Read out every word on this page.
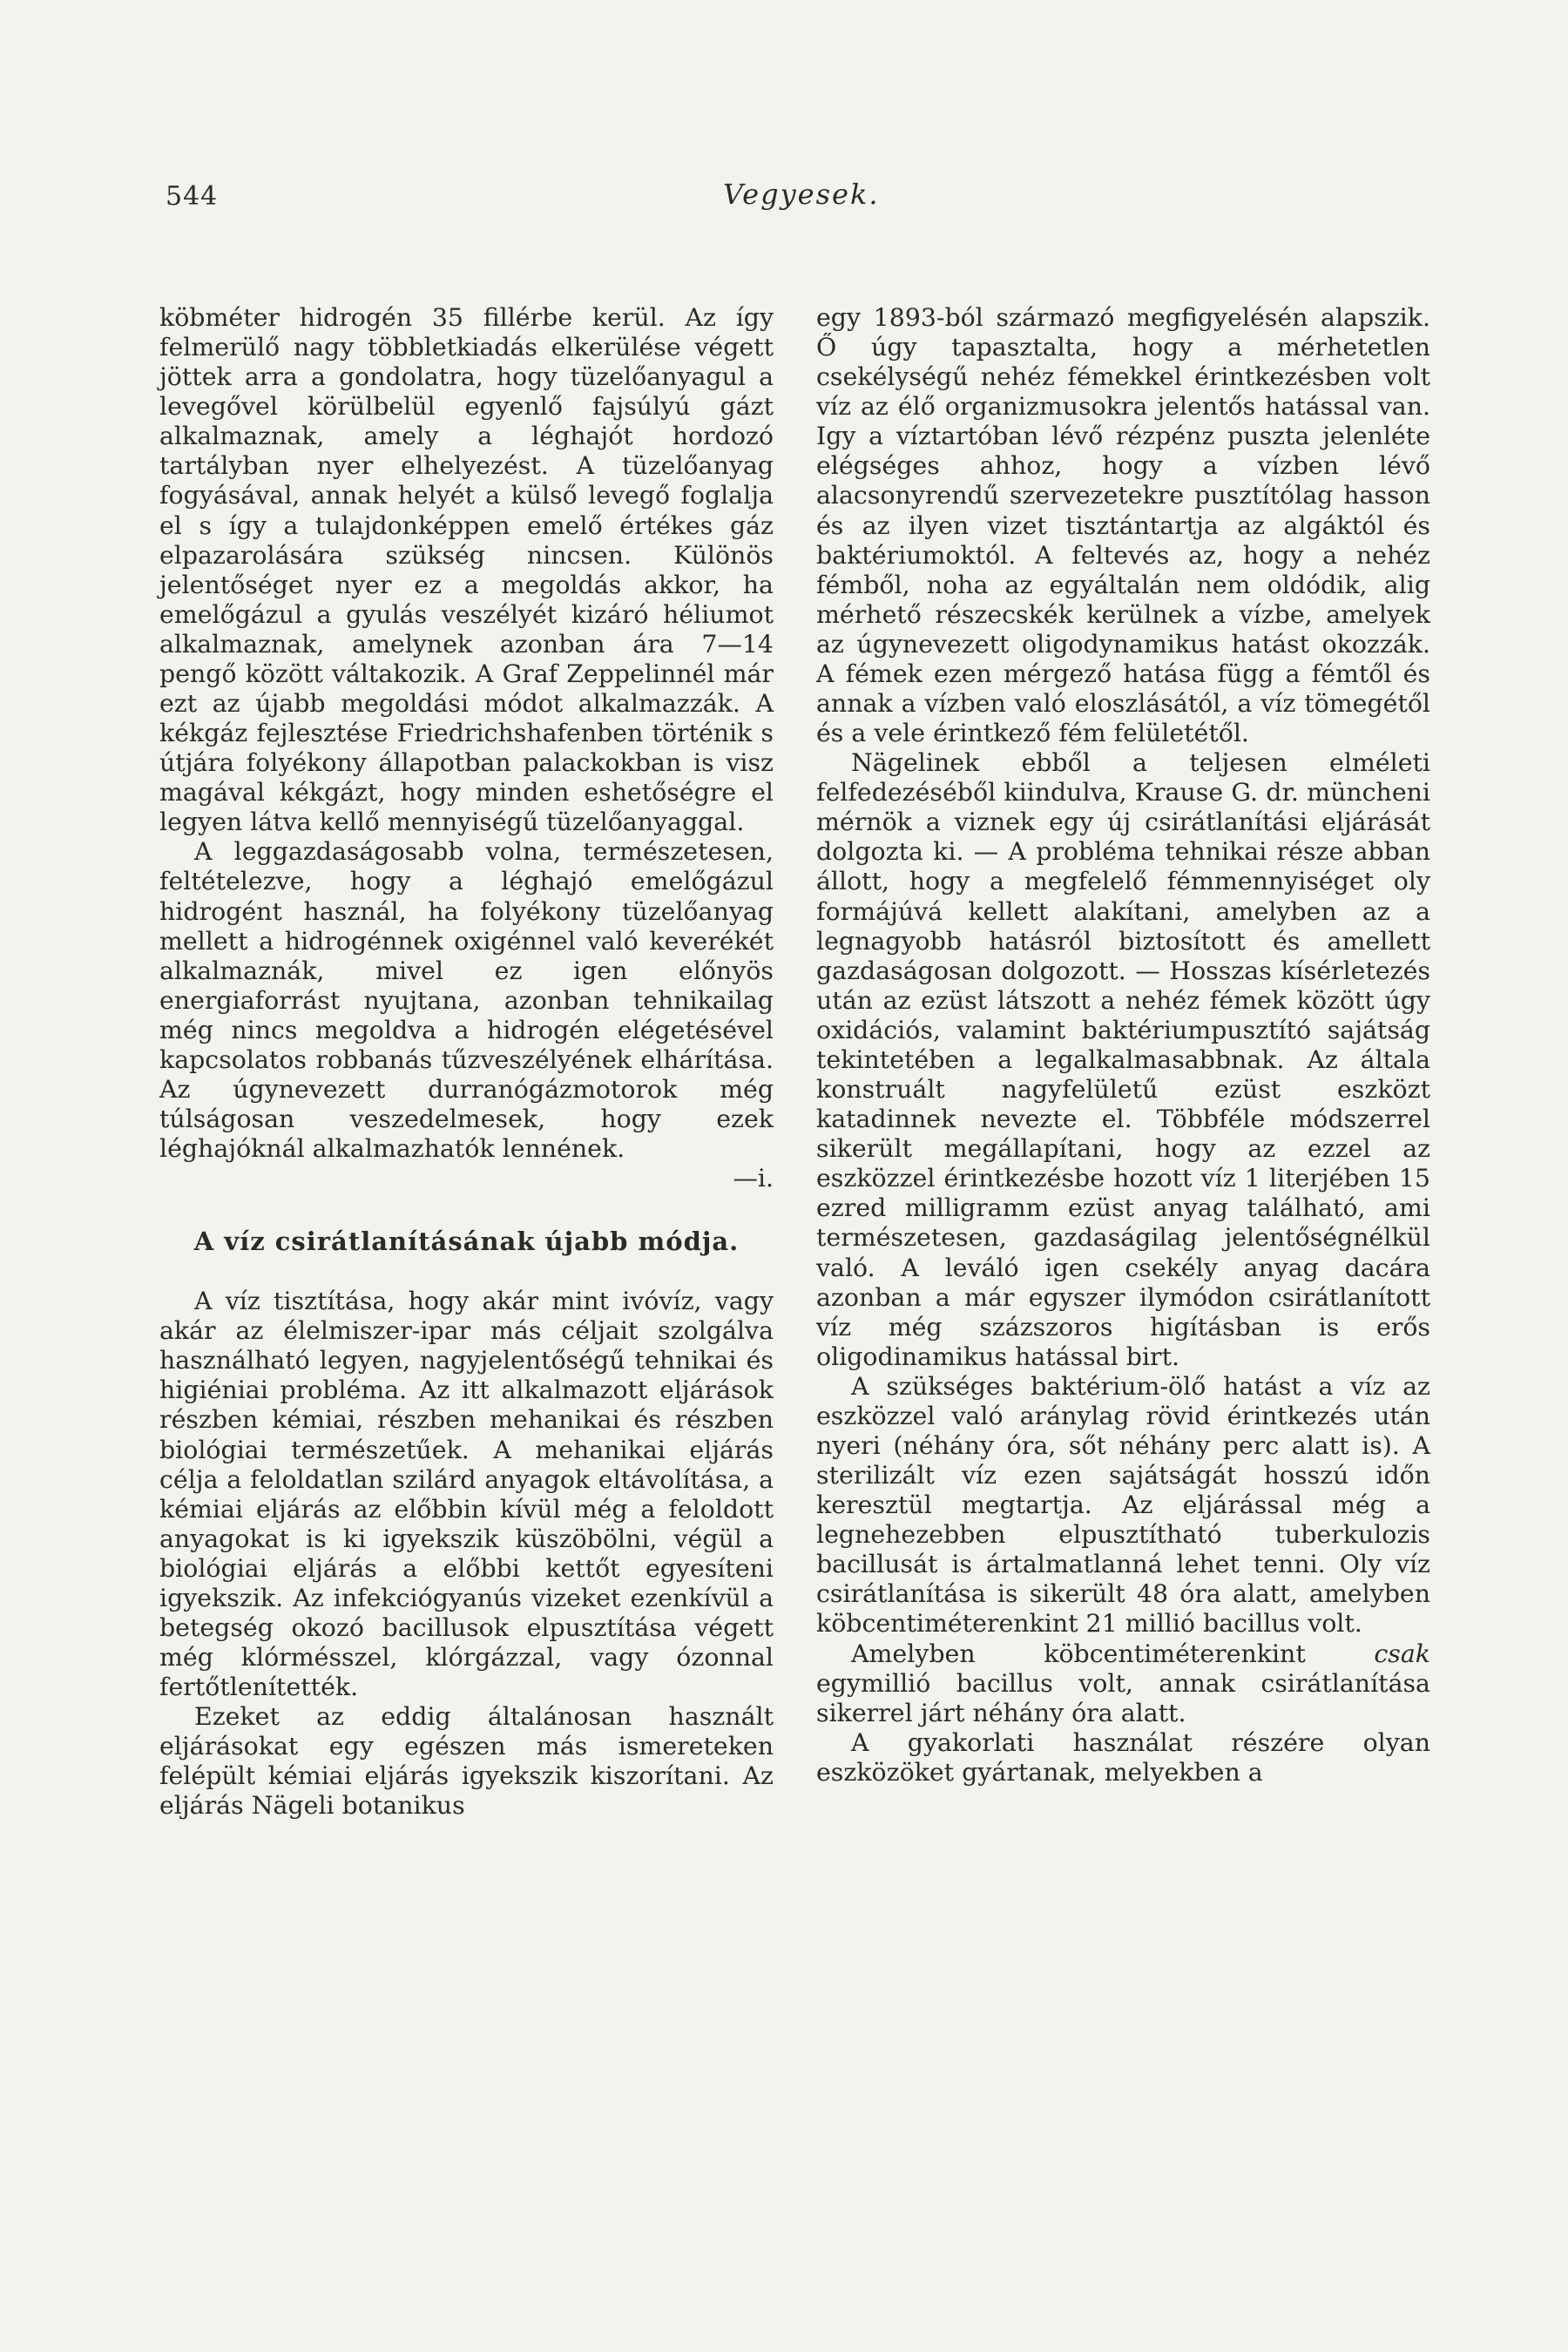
544	Vegyesek.

köbméter hidrogén 35 fillérbe kerül. Az így felmerülő nagy többletkiadás elkerülése végett jöttek arra a gondolatra, hogy tüzelőanyagul a levegővel körülbelül egyenlő fajsúlyú gázt alkalmaznak, amely a léghajót hordozó tartályban nyer elhelyezést. A tüzelőanyag fogyásával, annak helyét a külső levegő foglalja el s így a tulajdonképpen emelő értékes gáz elpazarolására szükség nincsen. Különös jelentőséget nyer ez a megoldás akkor, ha emelőgázul a gyulás veszélyét kizáró héliumot alkalmaznak, amelynek azonban ára 7—14 pengő között váltakozik. A Graf Zeppelinnél már ezt az újabb megoldási módot alkalmazzák. A kékgáz fejlesztése Friedrichshafenben történik s útjára folyékony állapotban palackokban is visz magával kékgázt, hogy minden eshetőségre el legyen látva kellő mennyiségű tüzelőanyaggal.

A leggazdaságosabb volna, természetesen, feltételezve, hogy a léghajó emelőgázul hidrogént használ, ha folyékony tüzelőanyag mellett a hidrogénnek oxigénnel való keverékét alkalmaznák, mivel ez igen előnyös energiaforrást nyujtana, azonban tehnikailag még nincs megoldva a hidrogén elégetésével kapcsolatos robbanás tűzveszélyének elhárítása. Az úgynevezett durranógázmotorok még túlságosan veszedelmesek, hogy ezek léghajóknál alkalmazhatók lennének.

—i.

A víz csirátlanításának újabb módja.

A víz tisztítása, hogy akár mint ivóvíz, vagy akár az élelmiszer-ipar más céljait szolgálva használható legyen, nagyjelentőségű tehnikai és higiéniai probléma. Az itt alkalmazott eljárások részben kémiai, részben mehanikai és részben biológiai természetűek. A mehanikai eljárás célja a feloldatlan szilárd anyagok eltávolítása, a kémiai eljárás az előbbin kívül még a feloldott anyagokat is ki igyekszik küszöbölni, végül a biológiai eljárás a előbbi kettőt egyesíteni igyekszik. Az infekciógyanús vizeket ezenkívül a betegség okozó bacillusok elpusztítása végett még klórmésszel, klórgázzal, vagy ózonnal fertőtlenítették.

Ezeket az eddig általánosan használt eljárásokat egy egészen más ismereteken felépült kémiai eljárás igyekszik kiszorítani. Az eljárás Nägeli botanikus

egy 1893-ból származó megfigyelésén alapszik. Ő úgy tapasztalta, hogy a mérhetetlen csekélységű nehéz fémekkel érintkezésben volt víz az élő organizmusokra jelentős hatással van. Igy a víztartóban lévő rézpénz puszta jelenléte elégséges ahhoz, hogy a vízben lévő alacsonyrendű szervezetekre pusztítólag hasson és az ilyen vizet tisztántartja az algáktól és baktériumoktól. A feltevés az, hogy a nehéz fémből, noha az egyáltalán nem oldódik, alig mérhető részecskék kerülnek a vízbe, amelyek az úgynevezett oligodynamikus hatást okozzák. A fémek ezen mérgező hatása függ a fémtől és annak a vízben való eloszlásától, a víz tömegétől és a vele érintkező fém felületétől.

Nägelinek ebből a teljesen elméleti felfedezéséből kiindulva, Krause G. dr. müncheni mérnök a viznek egy új csirátlanítási eljárását dolgozta ki. — A probléma tehnikai része abban állott, hogy a megfelelő fémmennyiséget oly formájúvá kellett alakítani, amelyben az a legnagyobb hatásról biztosított és amellett gazdaságosan dolgozott. — Hosszas kísérletezés után az ezüst látszott a nehéz fémek között úgy oxidációs, valamint baktériumpusztító sajátság tekintetében a legalkalmasabbnak. Az általa konstruált nagyfelületű ezüst eszközt katadinnek nevezte el. Többféle módszerrel sikerült megállapítani, hogy az ezzel az eszközzel érintkezésbe hozott víz 1 literjében 15 ezred milligramm ezüst anyag található, ami természetesen, gazdaságilag jelentőségnélkül való. A leváló igen csekély anyag dacára azonban a már egyszer ilymódon csirátlanított víz még százszoros higításban is erős oligodinamikus hatással birt.

A szükséges baktérium-ölő hatást a víz az eszközzel való aránylag rövid érintkezés után nyeri (néhány óra, sőt néhány perc alatt is). A sterilizált víz ezen sajátságát hosszú időn keresztül megtartja. Az eljárással még a legnehezebben elpusztítható tuberkulozis bacillusát is ártalmatlanná lehet tenni. Oly víz csirátlanítása is sikerült 48 óra alatt, amelyben köbcentiméterenkint 21 millió bacillus volt.

Amelyben köbcentiméterenkint csak egymillió bacillus volt, annak csirátlanítása sikerrel járt néhány óra alatt.

A gyakorlati használat részére olyan eszközöket gyártanak, melyekben a
